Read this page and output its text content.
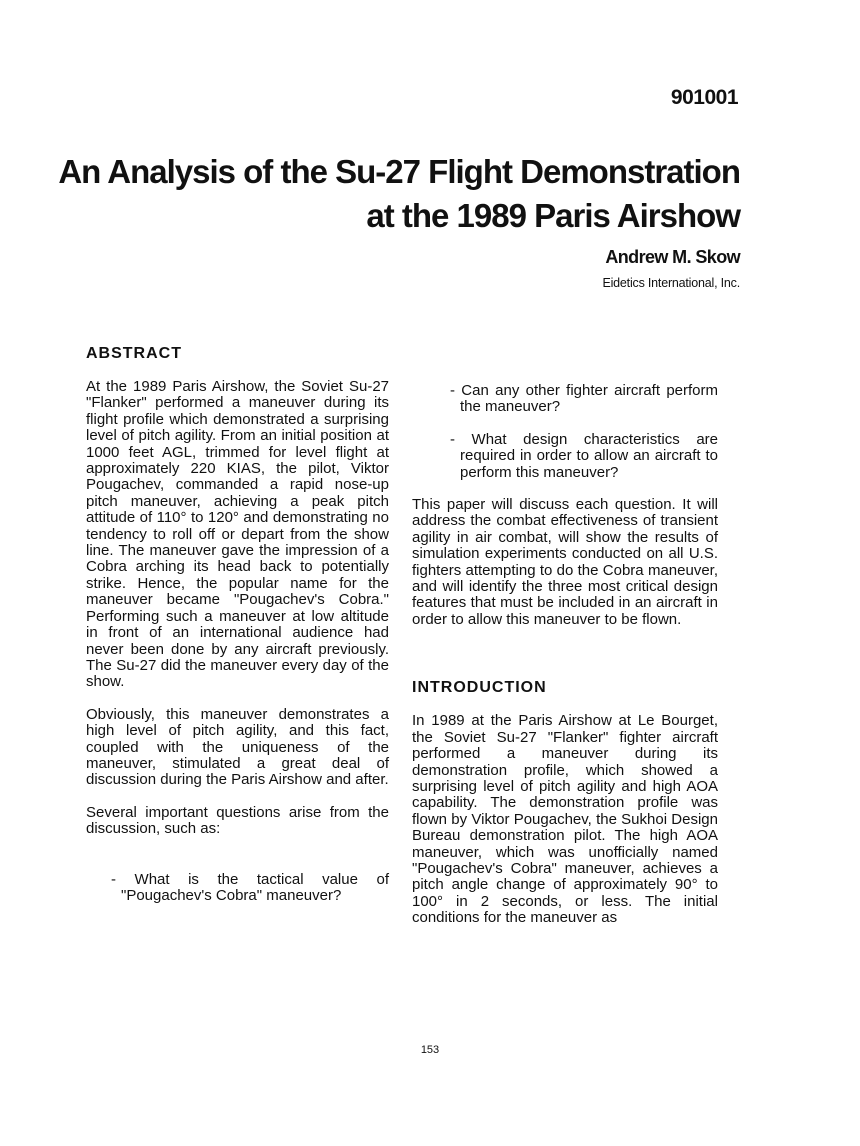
901001
An Analysis of the Su-27 Flight Demonstration
at the 1989 Paris Airshow
Andrew M. Skow
Eidetics International, Inc.
ABSTRACT

At the 1989 Paris Airshow, the Soviet Su-27 "Flanker" performed a maneuver during its flight profile which demonstrated a surprising level of pitch agility. From an initial position at 1000 feet AGL, trimmed for level flight at approximately 220 KIAS, the pilot, Viktor Pougachev, commanded a rapid nose-up pitch maneuver, achieving a peak pitch attitude of 110° to 120° and demonstrating no tendency to roll off or depart from the show line. The maneuver gave the impression of a Cobra arching its head back to potentially strike. Hence, the popular name for the maneuver became "Pougachev's Cobra." Performing such a maneuver at low altitude in front of an international audience had never been done by any aircraft previously. The Su-27 did the maneuver every day of the show.

Obviously, this maneuver demonstrates a high level of pitch agility, and this fact, coupled with the uniqueness of the maneuver, stimulated a great deal of discussion during the Paris Airshow and after.

Several important questions arise from the discussion, such as:

- What is the tactical value of "Pougachev's Cobra" maneuver?

- Can any other fighter aircraft perform the maneuver?

- What design characteristics are required in order to allow an aircraft to perform this maneuver?

This paper will discuss each question. It will address the combat effectiveness of transient agility in air combat, will show the results of simulation experiments conducted on all U.S. fighters attempting to do the Cobra maneuver, and will identify the three most critical design features that must be included in an aircraft in order to allow this maneuver to be flown.

INTRODUCTION

In 1989 at the Paris Airshow at Le Bourget, the Soviet Su-27 "Flanker" fighter aircraft performed a maneuver during its demonstration profile, which showed a surprising level of pitch agility and high AOA capability. The demonstration profile was flown by Viktor Pougachev, the Sukhoi Design Bureau demonstration pilot. The high AOA maneuver, which was unofficially named "Pougachev's Cobra" maneuver, achieves a pitch angle change of approximately 90° to 100° in 2 seconds, or less. The initial conditions for the maneuver as

153
